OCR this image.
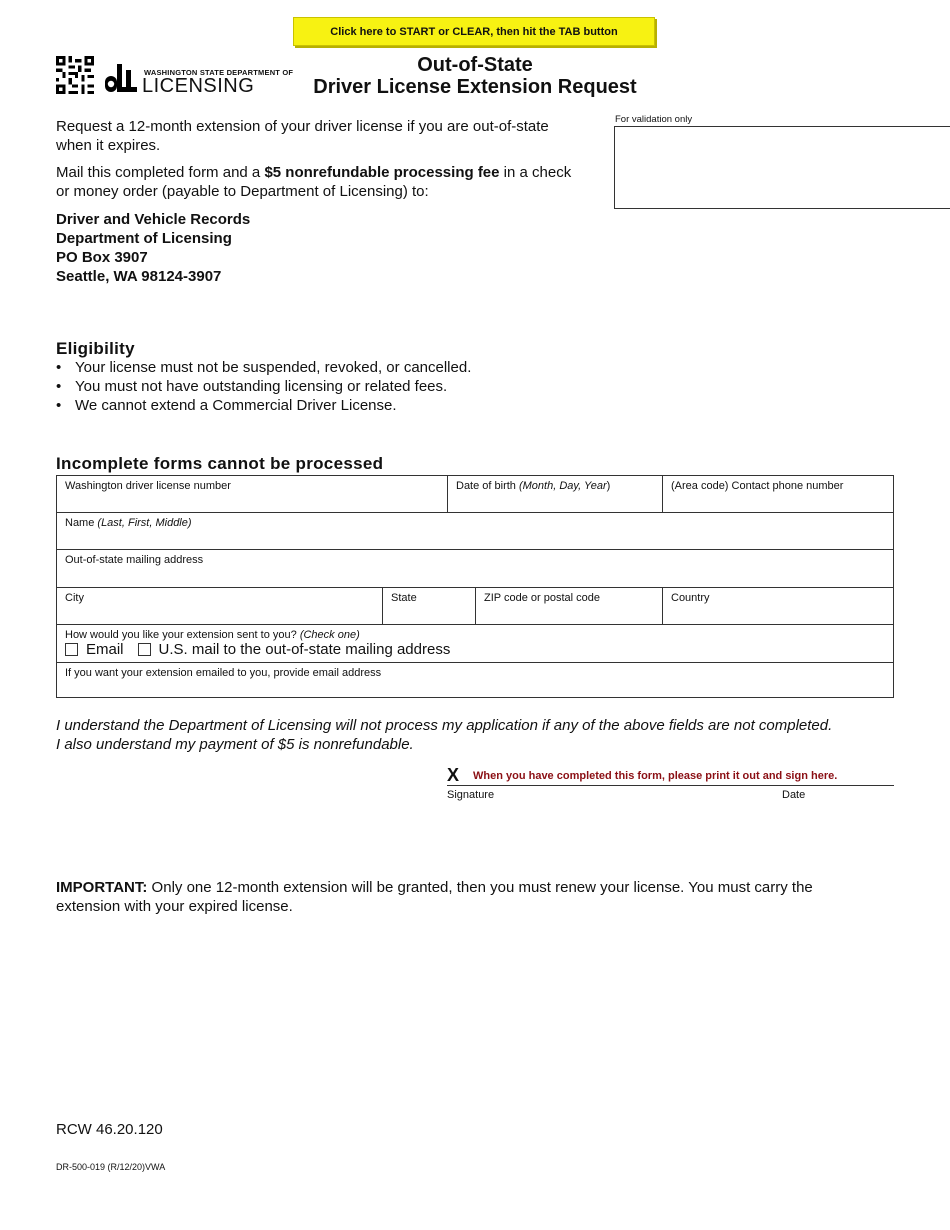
Click here to START or CLEAR, then hit the TAB button
WASHINGTON STATE DEPARTMENT OF
LICENSING
Out-of-State
Driver License Extension Request
Request a 12-month extension of your driver license if you are out-of-state when it expires.
Mail this completed form and a $5 nonrefundable processing fee in a check or money order (payable to Department of Licensing) to:
Driver and Vehicle Records
Department of Licensing
PO Box 3907
Seattle, WA 98124-3907
For validation only
Eligibility
• Your license must not be suspended, revoked, or cancelled.
• You must not have outstanding licensing or related fees.
• We cannot extend a Commercial Driver License.
Incomplete forms cannot be processed
Washington driver license number	Date of birth (Month, Day, Year)	(Area code) Contact phone number
Name (Last, First, Middle)
Out-of-state mailing address
City	State	ZIP code or postal code	Country
How would you like your extension sent to you? (Check one)
Email U.S. mail to the out-of-state mailing address
If you want your extension emailed to you, provide email address
I understand the Department of Licensing will not process my application if any of the above fields are not completed.
I also understand my payment of $5 is nonrefundable.
X When you have completed this form, please print it out and sign here.
Signature	Date
IMPORTANT: Only one 12-month extension will be granted, then you must renew your license. You must carry the extension with your expired license.
RCW 46.20.120
DR-500-019 (R/12/20)VWA
